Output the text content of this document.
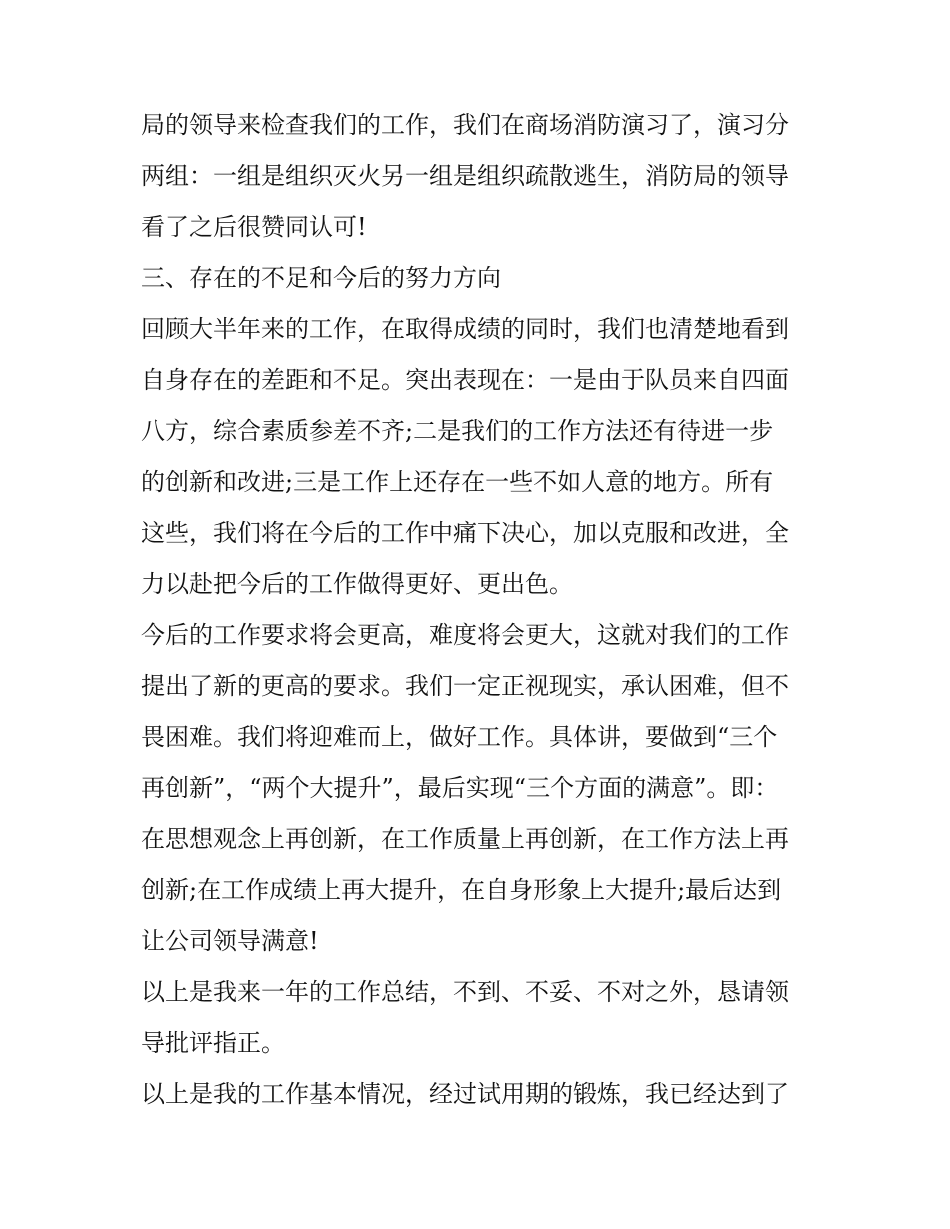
局的领导来检查我们的工作，我们在商场消防演习了，演习分
两组：一组是组织灭火另一组是组织疏散逃生，消防局的领导
看了之后很赞同认可!
三、存在的不足和今后的努力方向
回顾大半年来的工作，在取得成绩的同时，我们也清楚地看到
自身存在的差距和不足。突出表现在：一是由于队员来自四面
八方，综合素质参差不齐;二是我们的工作方法还有待进一步
的创新和改进;三是工作上还存在一些不如人意的地方。所有
这些，我们将在今后的工作中痛下决心，加以克服和改进，全
力以赴把今后的工作做得更好、更出色。
今后的工作要求将会更高，难度将会更大，这就对我们的工作
提出了新的更高的要求。我们一定正视现实，承认困难，但不
畏困难。我们将迎难而上，做好工作。具体讲，要做到“三个
再创新”，“两个大提升”，最后实现“三个方面的满意”。即：
在思想观念上再创新，在工作质量上再创新，在工作方法上再
创新;在工作成绩上再大提升，在自身形象上大提升;最后达到
让公司领导满意!
以上是我来一年的工作总结，不到、不妥、不对之外，恳请领
导批评指正。
以上是我的工作基本情况，经过试用期的锻炼，我已经达到了
